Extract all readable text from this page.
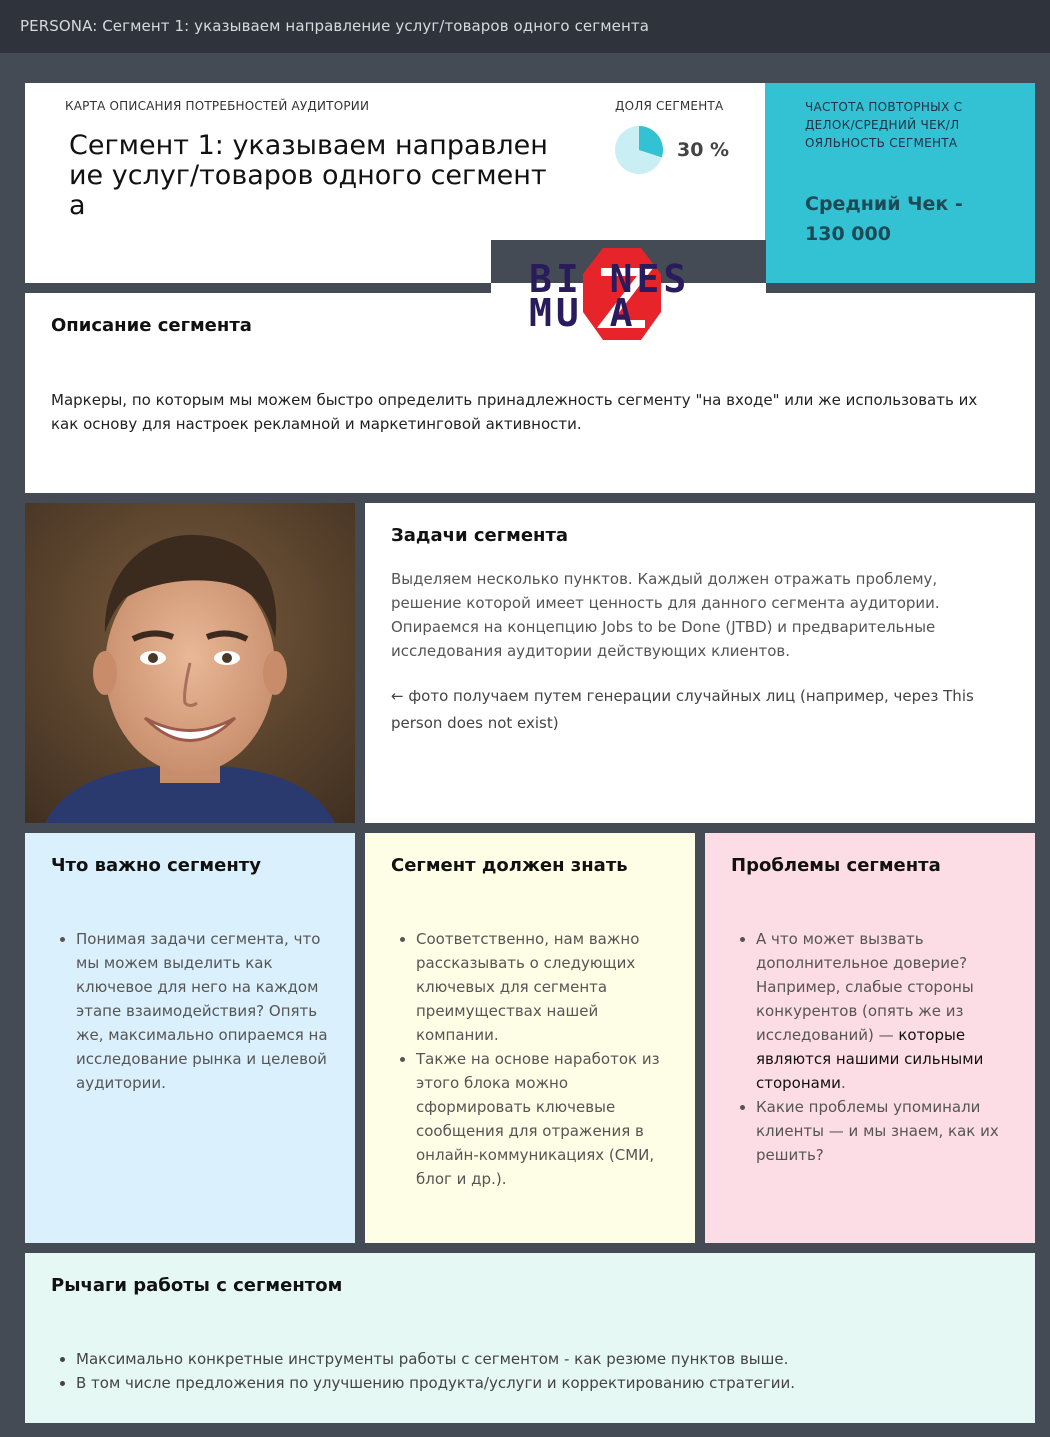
PERSONA: Сегмент 1: указываем направление услуг/товаров одного сегмента
КАРТА ОПИСАНИЯ ПОТРЕБНОСТЕЙ АУДИТОРИИ
Сегмент 1: указываем направление услуг/товаров одного сегмента
ДОЛЯ СЕГМЕНТА
30 %
ЧАСТОТА ПОВТОРНЫХ СДЕЛОК/СРЕДНИЙ ЧЕК/ЛОЯЛЬНОСТЬ СЕГМЕНТА
Средний Чек - 130 000
Описание сегмента
Маркеры, по которым мы можем быстро определить принадлежность сегменту "на входе" или же использовать их как основу для настроек рекламной и маркетинговой активности.
BI NES
MU A
Задачи сегмента
Выделяем несколько пунктов. Каждый должен отражать проблему, решение которой имеет ценность для данного сегмента аудитории. Опираемся на концепцию Jobs to be Done (JTBD) и предварительные исследования аудитории действующих клиентов.
← фото получаем путем генерации случайных лиц (например, через This person does not exist)
Что важно сегменту
• Понимая задачи сегмента, что мы можем выделить как ключевое для него на каждом этапе взаимодействия? Опять же, максимально опираемся на исследование рынка и целевой аудитории.
Сегмент должен знать
• Соответственно, нам важно рассказывать о следующих ключевых для сегмента преимуществах нашей компании.
• Также на основе наработок из этого блока можно сформировать ключевые сообщения для отражения в онлайн-коммуникациях (СМИ, блог и др.).
Проблемы сегмента
• А что может вызвать дополнительное доверие? Например, слабые стороны конкурентов (опять же из исследований) — которые являются нашими сильными сторонами.
• Какие проблемы упоминали клиенты — и мы знаем, как их решить?
Рычаги работы с сегментом
• Максимально конкретные инструменты работы с сегментом - как резюме пунктов выше.
• В том числе предложения по улучшению продукта/услуги и корректированию стратегии.
